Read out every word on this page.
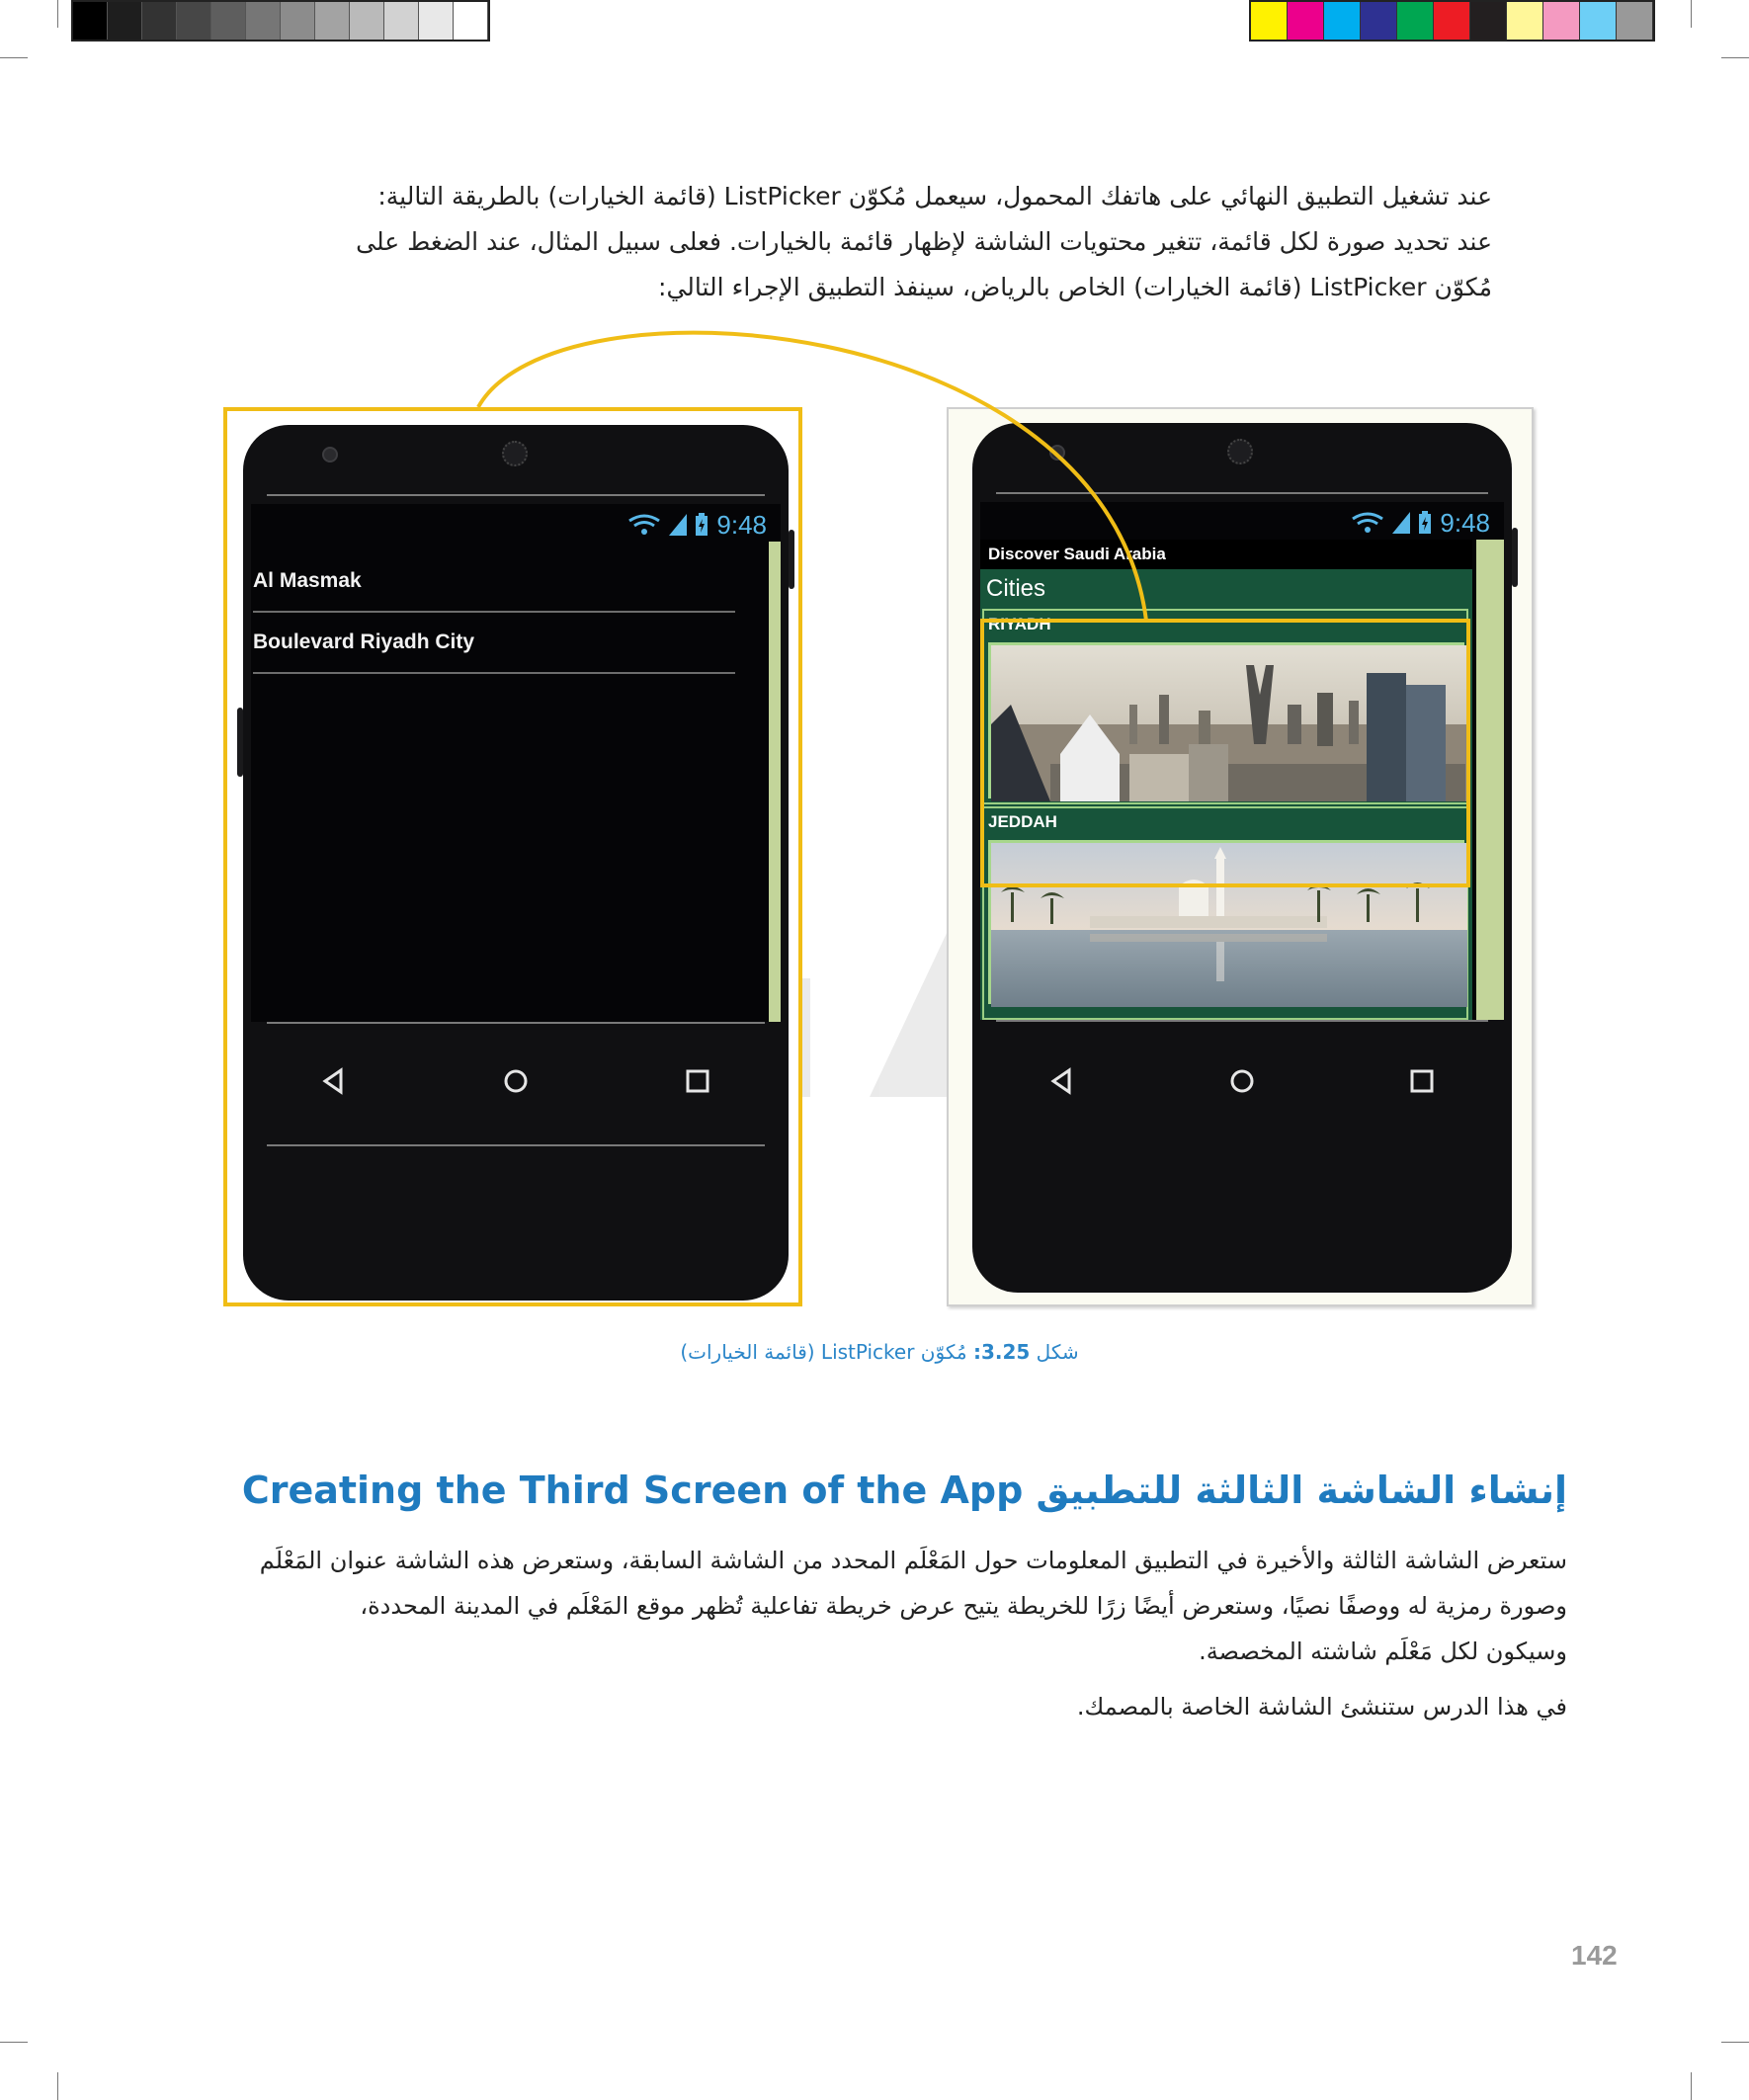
عند تشغيل التطبيق النهائي على هاتفك المحمول، سيعمل مُكوّن ListPicker (قائمة الخيارات) بالطريقة التالية:

عند تحديد صورة لكل قائمة، تتغير محتويات الشاشة لإظهار قائمة بالخيارات. فعلى سبيل المثال، عند الضغط على

مُكوّن ListPicker (قائمة الخيارات) الخاص بالرياض، سينفذ التطبيق الإجراء التالي:

9:48
Al Masmak
Boulevard Riyadh City
9:48
Discover Saudi Arabia
Cities
RIYADH
JEDDAH
شكل 3.25: مُكوّن ListPicker (قائمة الخيارات)
إنشاء الشاشة الثالثة للتطبيق Creating the Third Screen of the App

ستعرض الشاشة الثالثة والأخيرة في التطبيق المعلومات حول المَعْلَم المحدد من الشاشة السابقة، وستعرض هذه الشاشة عنوان المَعْلَم

وصورة رمزية له ووصفًا نصيًا، وستعرض أيضًا زرًا للخريطة يتيح عرض خريطة تفاعلية تُظهر موقع المَعْلَم في المدينة المحددة،

وسيكون لكل مَعْلَم شاشته المخصصة.

في هذا الدرس ستنشئ الشاشة الخاصة بالمصمك.

142
